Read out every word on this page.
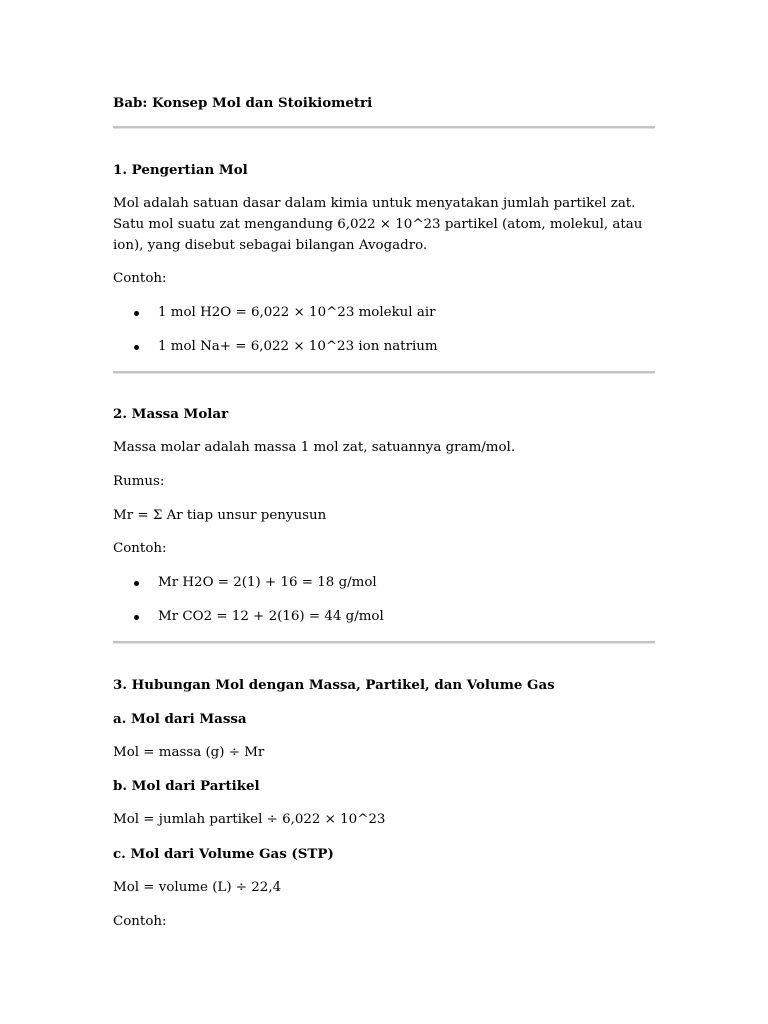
Bab: Konsep Mol dan Stoikiometri

1. Pengertian Mol

Mol adalah satuan dasar dalam kimia untuk menyatakan jumlah partikel zat. Satu mol suatu zat mengandung 6,022 × 10^23 partikel (atom, molekul, atau ion), yang disebut sebagai bilangan Avogadro.

Contoh:

1 mol H2O = 6,022 × 10^23 molekul air
1 mol Na+ = 6,022 × 10^23 ion natrium

2. Massa Molar

Massa molar adalah massa 1 mol zat, satuannya gram/mol.

Rumus:

Mr = Σ Ar tiap unsur penyusun

Contoh:

Mr H2O = 2(1) + 16 = 18 g/mol
Mr CO2 = 12 + 2(16) = 44 g/mol

3. Hubungan Mol dengan Massa, Partikel, dan Volume Gas

a. Mol dari Massa

Mol = massa (g) ÷ Mr

b. Mol dari Partikel

Mol = jumlah partikel ÷ 6,022 × 10^23

c. Mol dari Volume Gas (STP)

Mol = volume (L) ÷ 22,4

Contoh:
